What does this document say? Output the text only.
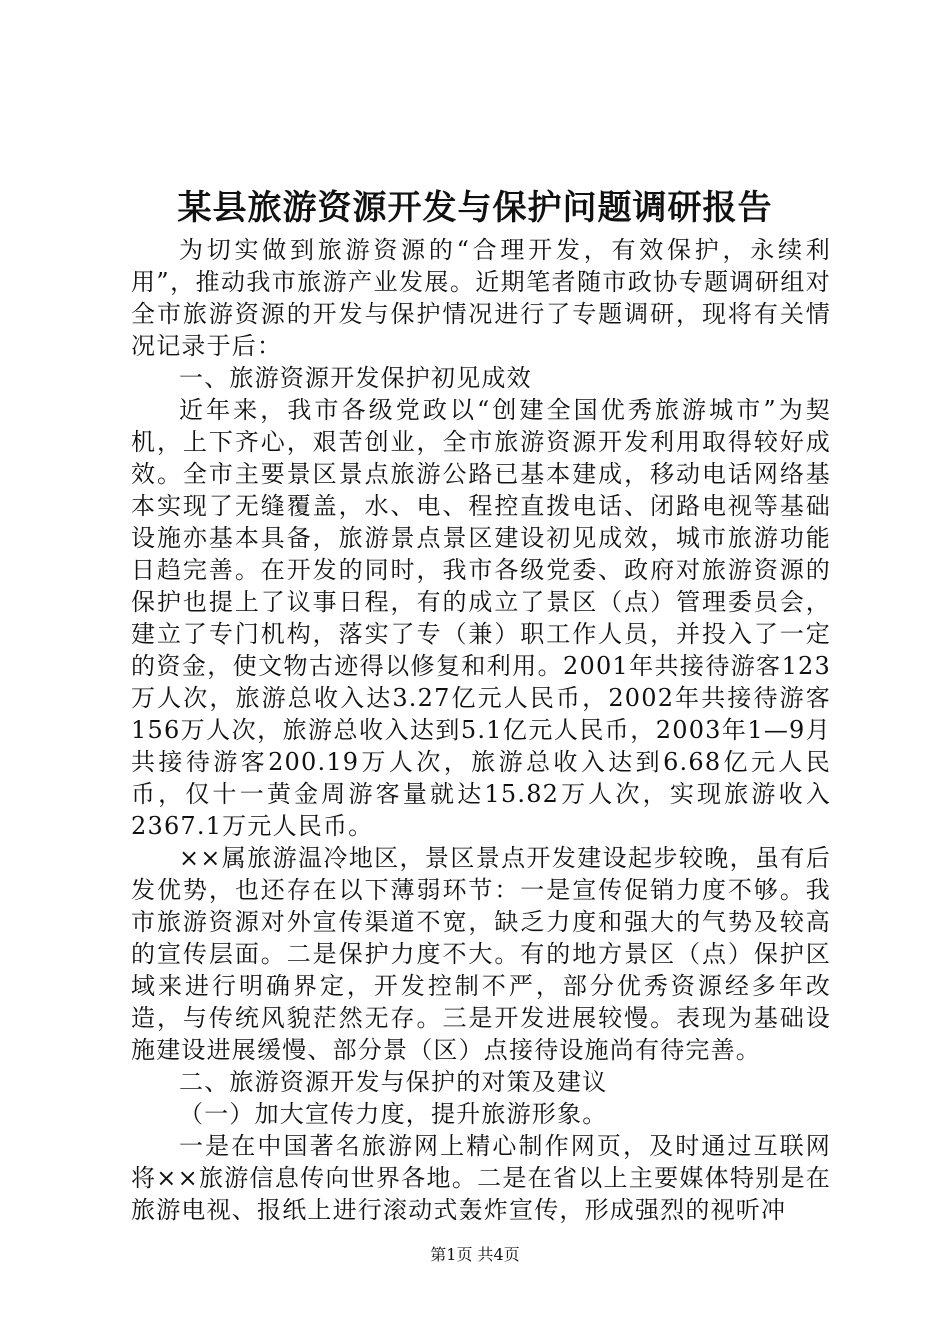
某县旅游资源开发与保护问题调研报告

为切实做到旅游资源的“合理开发，有效保护，永续利用”，推动我市旅游产业发展。近期笔者随市政协专题调研组对全市旅游资源的开发与保护情况进行了专题调研，现将有关情况记录于后：

一、旅游资源开发保护初见成效

近年来，我市各级党政以“创建全国优秀旅游城市”为契机，上下齐心，艰苦创业，全市旅游资源开发利用取得较好成效。全市主要景区景点旅游公路已基本建成，移动电话网络基本实现了无缝覆盖，水、电、程控直拨电话、闭路电视等基础设施亦基本具备，旅游景点景区建设初见成效，城市旅游功能日趋完善。在开发的同时，我市各级党委、政府对旅游资源的保护也提上了议事日程，有的成立了景区（点）管理委员会，建立了专门机构，落实了专（兼）职工作人员，并投入了一定的资金，使文物古迹得以修复和利用。2001年共接待游客123万人次，旅游总收入达3.27亿元人民币，2002年共接待游客156万人次，旅游总收入达到5.1亿元人民币，2003年1—9月共接待游客200.19万人次，旅游总收入达到6.68亿元人民币，仅十一黄金周游客量就达15.82万人次，实现旅游收入2367.1万元人民币。

××属旅游温冷地区，景区景点开发建设起步较晚，虽有后发优势，也还存在以下薄弱环节：一是宣传促销力度不够。我市旅游资源对外宣传渠道不宽，缺乏力度和强大的气势及较高的宣传层面。二是保护力度不大。有的地方景区（点）保护区域来进行明确界定，开发控制不严，部分优秀资源经多年改造，与传统风貌茫然无存。三是开发进展较慢。表现为基础设施建设进展缓慢、部分景（区）点接待设施尚有待完善。

二、旅游资源开发与保护的对策及建议

（一）加大宣传力度，提升旅游形象。

一是在中国著名旅游网上精心制作网页，及时通过互联网将××旅游信息传向世界各地。二是在省以上主要媒体特别是在旅游电视、报纸上进行滚动式轰炸宣传，形成强烈的视听冲

第1页 共4页
